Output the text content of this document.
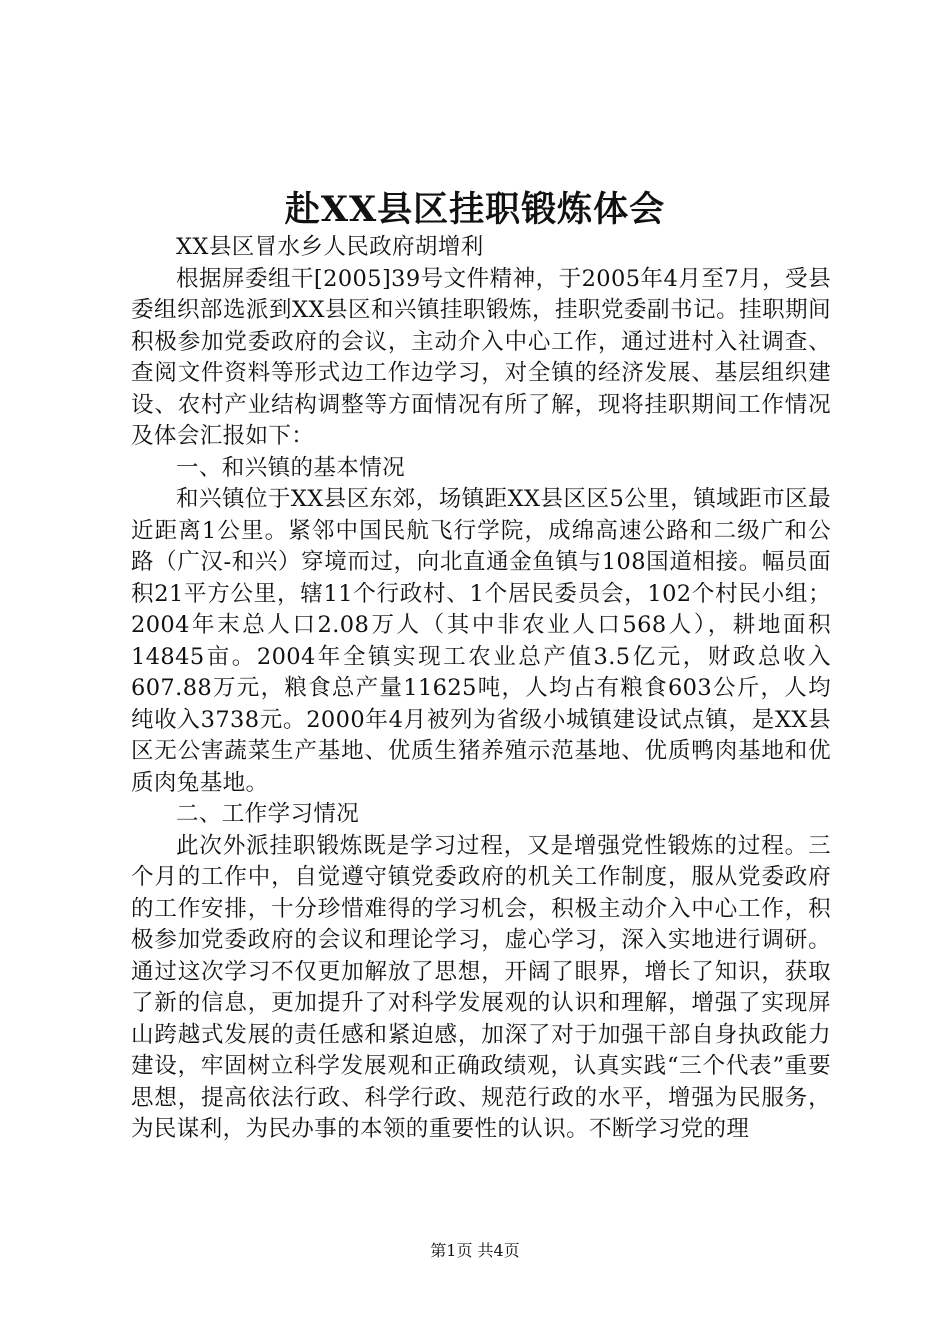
赴XX县区挂职锻炼体会

XX县区冒水乡人民政府胡增利

根据屏委组干[2005]39号文件精神，于2005年4月至7月，受县委组织部选派到XX县区和兴镇挂职锻炼，挂职党委副书记。挂职期间积极参加党委政府的会议，主动介入中心工作，通过进村入社调查、查阅文件资料等形式边工作边学习，对全镇的经济发展、基层组织建设、农村产业结构调整等方面情况有所了解，现将挂职期间工作情况及体会汇报如下：

一、和兴镇的基本情况

和兴镇位于XX县区东郊，场镇距XX县区区5公里，镇域距市区最近距离1公里。紧邻中国民航飞行学院，成绵高速公路和二级广和公路（广汉-和兴）穿境而过，向北直通金鱼镇与108国道相接。幅员面积21平方公里，辖11个行政村、1个居民委员会，102个村民小组；2004年末总人口2.08万人（其中非农业人口568人），耕地面积14845亩。2004年全镇实现工农业总产值3.5亿元，财政总收入607.88万元，粮食总产量11625吨，人均占有粮食603公斤，人均纯收入3738元。2000年4月被列为省级小城镇建设试点镇，是XX县区无公害蔬菜生产基地、优质生猪养殖示范基地、优质鸭肉基地和优质肉兔基地。

二、工作学习情况

此次外派挂职锻炼既是学习过程，又是增强党性锻炼的过程。三个月的工作中，自觉遵守镇党委政府的机关工作制度，服从党委政府的工作安排，十分珍惜难得的学习机会，积极主动介入中心工作，积极参加党委政府的会议和理论学习，虚心学习，深入实地进行调研。通过这次学习不仅更加解放了思想，开阔了眼界，增长了知识，获取了新的信息，更加提升了对科学发展观的认识和理解，增强了实现屏山跨越式发展的责任感和紧迫感，加深了对于加强干部自身执政能力建设，牢固树立科学发展观和正确政绩观，认真实践“三个代表”重要思想，提高依法行政、科学行政、规范行政的水平，增强为民服务，为民谋利，为民办事的本领的重要性的认识。不断学习党的理

第1页 共4页
